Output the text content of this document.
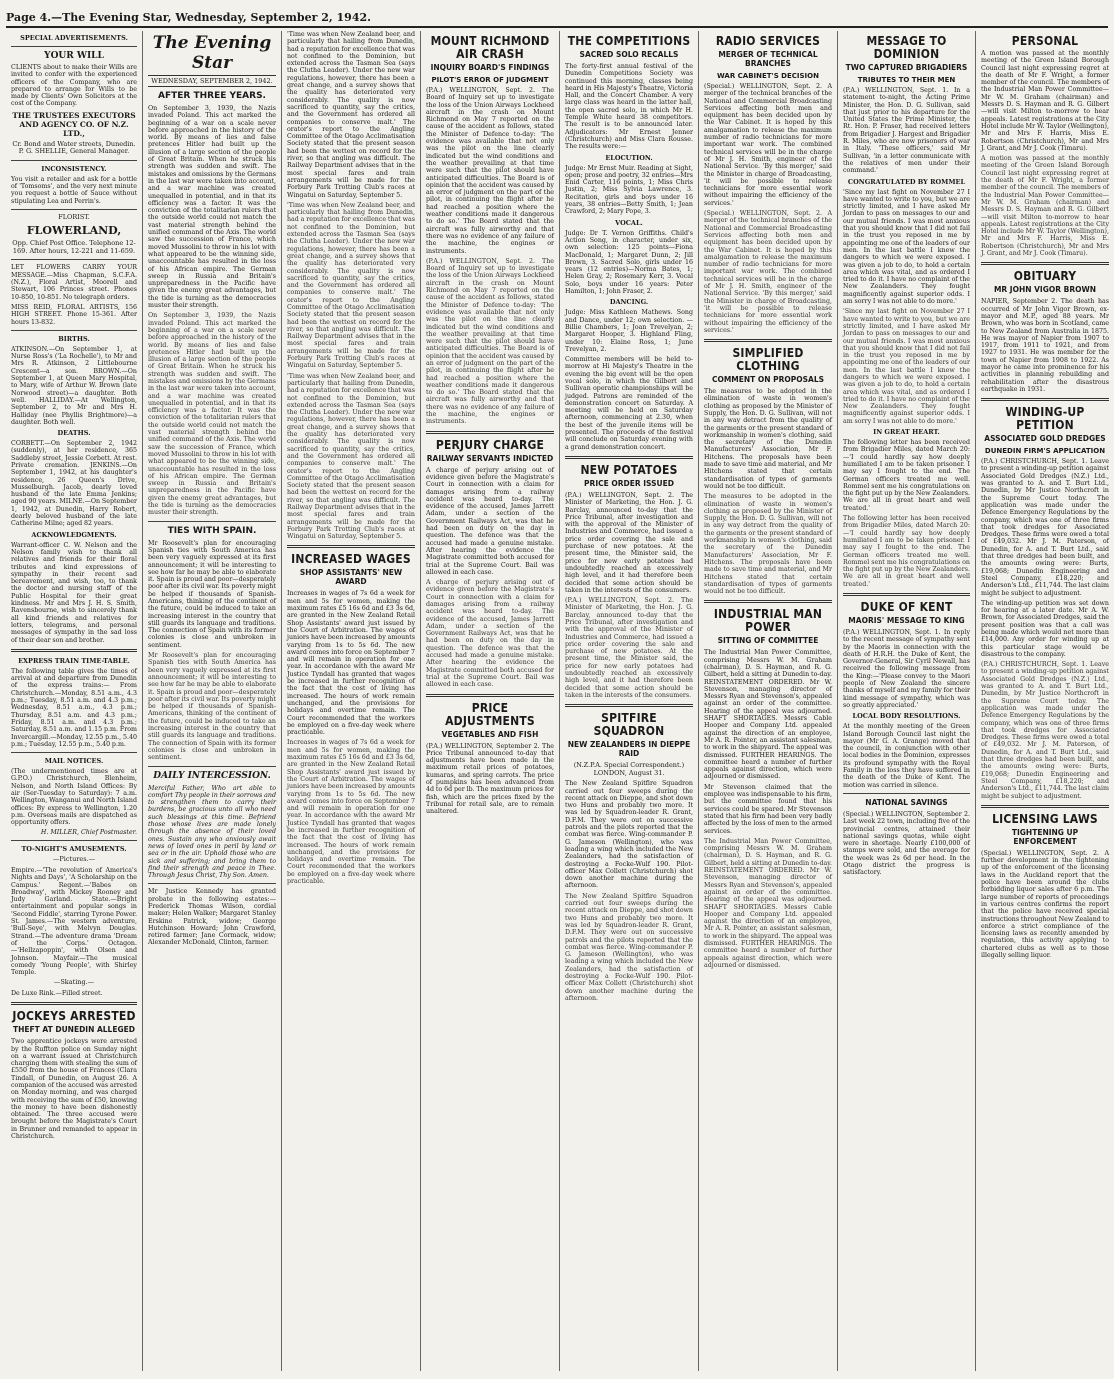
Page 4.—The Evening Star, Wednesday, September 2, 1942.
SPECIAL ADVERTISEMENTS.
YOUR WILL

CLIENTS about to make their Wills are invited to confer with the experienced officers of the Company, who are prepared to arrange for Wills to be made by Clients' Own Solicitors at the cost of the Company.

THE TRUSTEES EXECUTORS AND AGENCY CO. OF N.Z. LTD.,
Cr. Bond and Water streets, Dunedin. P. G. SHELLIE, General Manager.
INCONSISTENCY.

You visit a retailer and ask for a bottle of 'Tomsoms', and the very next minute you request a bottle of Sauce without stipulating Lea and Perrin's.

FLORIST.
FLOWERLAND,
Opp. Chief Post Office. Telephone 12-169. After hours, 12-221 and 11-659.

LET FLOWERS CARRY YOUR MESSAGE.—Miss Chapman, S.C.F.A. (N.Z.), Floral Artist, Moorell and Stewart, 106 Princes street. Phones 10-850, 10-851. No telegraph orders.

MISS REID, FLORAL ARTISTS, 156 HIGH STREET. Phone 15-361. After hours 13-832.

BIRTHS.

ATKINSON.—On September 1, at Nurse Ross's ('La Rochelle'), to Mr and Mrs R. Atkinson, 2 Littlebourne Crescent—a son. BROWN.—On September 1, at Queen Mary Hospital, to Mary, wife of Arthur W. Brown (late Norwood street)—a daughter. Both well. HALLIDAY.—At Wellington, September 2, to Mr and Mrs H. Halliday (nee Phyllis Brightmore)—a daughter. Both well.

DEATHS.

CORBETT.—On September 2, 1942 (suddenly), at her residence, 365 Saddleby street, Jessie Corbett. At rest. Private cremation. JENKINS.—On September 1, 1942, at his daughter's residence, 26 Queen's Drive, Musselburgh. Jacob, dearly loved husband of the late Emma Jenkins; aged 90 years. MILNE.—On September 1, 1942, at Dunedin, Harry Robert, dearly beloved husband of the late Catherine Milne; aged 82 years.

ACKNOWLEDGMENTS.

Warrant-officer C. W. Nelson and the Nelson family wish to thank all relatives and friends for their floral tributes and kind expressions of sympathy in their recent sad bereavement, and wish, too, to thank the doctor and nursing staff of the Public Hospital for their great kindness. Mr and Mrs J. H. S. Smith, Ravensbourne, wish to sincerely thank all kind friends and relatives for letters, telegrams, and personal messages of sympathy in the sad loss of their dear son and brother.

EXPRESS TRAIN TIME-TABLE.

The following table gives the times of arrival at and departure from Dunedin of the express trains:— From Christchurch.—Monday, 8.51 a.m., 4.3 p.m.; Tuesday, 8.51 a.m. and 4.3 p.m.; Wednesday, 8.51 a.m., 4.3 p.m.; Thursday, 8.51 a.m. and 4.3 p.m.; Friday, 8.51 a.m. and 4.3 p.m.; Saturday, 8.51 a.m. and 1.15 p.m. From Invercargill.—Monday, 12.55 p.m., 5.40 p.m.; Tuesday, 12.55 p.m., 5.40 p.m.

MAIL NOTICES.

(The undermentioned times are at G.P.O.) Christchurch, Blenheim, Nelson, and North Island Offices: By air (Ser-Tuesday to Saturday): 7 a.m. Wellington, Wanganui and North Island offices: By express to Wellington, 1.20 p.m. Overseas mails are dispatched as opportunity offers.

H. MILLER, Chief Postmaster.
TO-NIGHT'S AMUSEMENTS.
—Pictures.—

Empire.—'The revolution of America's Nights and Days', 'A Scholarship on the Campus.' Regent.—'Babes on Broadway', with Mickey Rooney and Judy Garland. State.—Bright entertainment and popular songs in 'Second Fiddle', starring Tyrone Power. St. James.—The western adventure, 'Bull-Seye', with Melvyn Douglas. Strand.—The adventure drama 'Dream of the Corps.' Octagon.—'Hellzapoppin', with Olsen and Johnson. Mayfair.—The musical comedy 'Young People', with Shirley Temple.

—Skating.—

De Luxe Rink.—Filled street.

JOCKEYS ARRESTED
THEFT AT DUNEDIN ALLEGED

Two apprentice jockeys were arrested by the Ruffton police on Sunday night on a warrant issued at Christchurch charging them with stealing the sum of £550 from the house of Frances (Clara Tindall, of Dunedin, on August 26. A companion of the accused was arrested on Monday morning, and was charged with receiving the sum of £50, knowing the money to have been dishonestly obtained. The three accused were brought before the Magistrate's Court in Brunner and remanded to appear in Christchurch.

The Evening Star
WEDNESDAY, SEPTEMBER 2, 1942.
AFTER THREE YEARS.

On September 3, 1939, the Nazis invaded Poland. This act marked the beginning of a war on a scale never before approached in the history of the world. By means of lies and false pretences Hitler had built up the illusion of a large section of the people of Great Britain. When he struck his strength was sudden and swift. The mistakes and omissions by the Germans in the last war were taken into account, and a war machine was created unequalled in potential, and in that its efficiency was a factor. It was the conviction of the totalitarian rulers that the outside world could not match the vast material strength behind the unified command of the Axis. The world saw the succession of France, which moved Mussolini to throw in his lot with what appeared to be the winning side, unaccountable has resulted in the loss of his African empire. The German sweep in Russia and Britain's unpreparedness in the Pacific have given the enemy great advantages, but the tide is turning as the democracies muster their strength.

On September 3, 1939, the Nazis invaded Poland. This act marked the beginning of a war on a scale never before approached in the history of the world. By means of lies and false pretences Hitler had built up the illusion of a large section of the people of Great Britain. When he struck his strength was sudden and swift. The mistakes and omissions by the Germans in the last war were taken into account, and a war machine was created unequalled in potential, and in that its efficiency was a factor. It was the conviction of the totalitarian rulers that the outside world could not match the vast material strength behind the unified command of the Axis. The world saw the succession of France, which moved Mussolini to throw in his lot with what appeared to be the winning side, unaccountable has resulted in the loss of his African empire. The German sweep in Russia and Britain's unpreparedness in the Pacific have given the enemy great advantages, but the tide is turning as the democracies muster their strength.

TIES WITH SPAIN.

Mr Roosevelt's plan for encouraging Spanish ties with South America has been very vaguely expressed at its first announcement; it will be interesting to see how far he may be able to elaborate it. Spain is proud and poor—desperately poor after its civil war. Its poverty might be helped if thousands of Spanish-Americans, thinking of the continent of the future, could be induced to take an increasing interest in the country that still guards its language and traditions. The connection of Spain with its former colonies is close and unbroken in sentiment.

Mr Roosevelt's plan for encouraging Spanish ties with South America has been very vaguely expressed at its first announcement; it will be interesting to see how far he may be able to elaborate it. Spain is proud and poor—desperately poor after its civil war. Its poverty might be helped if thousands of Spanish-Americans, thinking of the continent of the future, could be induced to take an increasing interest in the country that still guards its language and traditions. The connection of Spain with its former colonies is close and unbroken in sentiment.

DAILY INTERCESSION.

Merciful Father, Who art able to comfort Thy people in their sorrows and to strengthen them to carry their burdens, be gracious unto all who need such blessings at this time. Befriend those whose lives are made lonely through the absence of their loved ones. Sustain any who anxiously await news of loved ones in peril by land or sea or in the air. Uphold those who are sick and suffering; and bring them to find their strength and peace in Thee. Through Jesus Christ, Thy Son. Amen.

Mr Justice Kennedy has granted probate in the following estates:—Frederick Thomas Wilson, cordial maker; Helen Walker; Margaret Stanley Erskine Patrick, widow; George Hutchinson Howard; John Crawford, retired farmer; Jane Cormack, widow; Alexander McDonald, Clinton, farmer.

'Time was when New Zealand beer, and particularly that hailing from Dunedin, had a reputation for excellence that was not confined to the Dominion, but extended across the Tasman Sea (says the Clutha Leader). Under the new war regulations, however, there has been a great change, and a survey shows that the quality has deteriorated very considerably. The quality is now sacrificed to quantity, say the critics, and the Government has ordered all companies to conserve malt.' The orator's report to the Angling Committee of the Otago Acclimatisation Society stated that the present season had been the wettest on record for the river, so that angling was difficult. The Railway Department advises that in the most special fares and train arrangements will be made for the Forbury Park Trotting Club's races at Wingatui on Saturday, September 5.

'Time was when New Zealand beer, and particularly that hailing from Dunedin, had a reputation for excellence that was not confined to the Dominion, but extended across the Tasman Sea (says the Clutha Leader). Under the new war regulations, however, there has been a great change, and a survey shows that the quality has deteriorated very considerably. The quality is now sacrificed to quantity, say the critics, and the Government has ordered all companies to conserve malt.' The orator's report to the Angling Committee of the Otago Acclimatisation Society stated that the present season had been the wettest on record for the river, so that angling was difficult. The Railway Department advises that in the most special fares and train arrangements will be made for the Forbury Park Trotting Club's races at Wingatui on Saturday, September 5.

'Time was when New Zealand beer, and particularly that hailing from Dunedin, had a reputation for excellence that was not confined to the Dominion, but extended across the Tasman Sea (says the Clutha Leader). Under the new war regulations, however, there has been a great change, and a survey shows that the quality has deteriorated very considerably. The quality is now sacrificed to quantity, say the critics, and the Government has ordered all companies to conserve malt.' The orator's report to the Angling Committee of the Otago Acclimatisation Society stated that the present season had been the wettest on record for the river, so that angling was difficult. The Railway Department advises that in the most special fares and train arrangements will be made for the Forbury Park Trotting Club's races at Wingatui on Saturday, September 5.

INCREASED WAGES
SHOP ASSISTANTS' NEW AWARD

Increases in wages of 7s 6d a week for men and 5s for women, making the maximum rates £5 16s 6d and £3 3s 6d, are granted in the New Zealand Retail Shop Assistants' award just issued by the Court of Arbitration. The wages of juniors have been increased by amounts varying from 1s to 5s 6d. The new award comes into force on September 7 and will remain in operation for one year. In accordance with the award Mr Justice Tyndall has granted that wages be increased in further recognition of the fact that the cost of living has increased. The hours of work remain unchanged, and the provisions for holidays and overtime remain. The Court recommended that the workers be employed on a five-day week where practicable.

Increases in wages of 7s 6d a week for men and 5s for women, making the maximum rates £5 16s 6d and £3 3s 6d, are granted in the New Zealand Retail Shop Assistants' award just issued by the Court of Arbitration. The wages of juniors have been increased by amounts varying from 1s to 5s 6d. The new award comes into force on September 7 and will remain in operation for one year. In accordance with the award Mr Justice Tyndall has granted that wages be increased in further recognition of the fact that the cost of living has increased. The hours of work remain unchanged, and the provisions for holidays and overtime remain. The Court recommended that the workers be employed on a five-day week where practicable.

MOUNT RICHMOND AIR CRASH
INQUIRY BOARD'S FINDINGS
PILOT'S ERROR OF JUDGMENT

(P.A.) WELLINGTON, Sept. 2. The Board of Inquiry set up to investigate the loss of the Union Airways Lockheed aircraft in the crash on Mount Richmond on May 7 reported on the cause of the accident as follows, stated the Minister of Defence to-day: 'The evidence was available that not only was the pilot on the line clearly indicated but the wind conditions and the weather prevailing at that time were such that the pilot should have anticipated difficulties. The Board is of opinion that the accident was caused by an error of judgment on the part of the pilot, in continuing the flight after he had reached a position where the weather conditions made it dangerous to do so.' The Board stated that the aircraft was fully airworthy and that there was no evidence of any failure of the machine, the engines or instruments.

(P.A.) WELLINGTON, Sept. 2. The Board of Inquiry set up to investigate the loss of the Union Airways Lockheed aircraft in the crash on Mount Richmond on May 7 reported on the cause of the accident as follows, stated the Minister of Defence to-day: 'The evidence was available that not only was the pilot on the line clearly indicated but the wind conditions and the weather prevailing at that time were such that the pilot should have anticipated difficulties. The Board is of opinion that the accident was caused by an error of judgment on the part of the pilot, in continuing the flight after he had reached a position where the weather conditions made it dangerous to do so.' The Board stated that the aircraft was fully airworthy and that there was no evidence of any failure of the machine, the engines or instruments.

PERJURY CHARGE
RAILWAY SERVANTS INDICTED

A charge of perjury arising out of evidence given before the Magistrate's Court in connection with a claim for damages arising from a railway accident was heard to-day. The evidence of the accused, James Jarrett Adam, under a section of the Government Railways Act, was that he had been on duty on the day in question. The defence was that the accused had made a genuine mistake. After hearing the evidence the Magistrate committed both accused for trial at the Supreme Court. Bail was allowed in each case.

A charge of perjury arising out of evidence given before the Magistrate's Court in connection with a claim for damages arising from a railway accident was heard to-day. The evidence of the accused, James Jarrett Adam, under a section of the Government Railways Act, was that he had been on duty on the day in question. The defence was that the accused had made a genuine mistake. After hearing the evidence the Magistrate committed both accused for trial at the Supreme Court. Bail was allowed in each case.

PRICE ADJUSTMENTS
VEGETABLES AND FISH

(P.A.) WELLINGTON, September 2. The Price Tribunal announced to-day that adjustments have been made in the maximum retail prices of potatoes, kumaras, and spring carrots. The price of pumpkins has been advanced from 4d to 6d per lb. The maximum prices for fish, which are the prices fixed by the Tribunal for retail sale, are to remain unaltered.

THE COMPETITIONS
SACRED SOLO RECALLS

The forty-first annual festival of the Dunedin Competitions Society was continued this morning, classes being heard in His Majesty's Theatre, Victoria Hall, and the Concert Chamber. A very large class was heard in the latter hall, the open sacred solo, in which Mr H. Temple White heard 38 competitors. The result is to be announced later. Adjudicators: Mr Ernest Jenner (Christchurch) and Miss Clara Rousse. The results were:—

ELOCUTION.

Judge: Mr Ernst Muir. Reading at Sight, open; prose and poetry, 32 entries—Mrs Enid Carter, 116 points, 1; Miss Chris Justin, 2; Miss Sylvia Lawrence, 3. Recitation, girls and boys under 16 years, 38 entries—Betty Smith, 1; Jean Crawford, 2; Mary Pope, 3.

VOCAL.

Judge: Dr T. Vernon Griffiths. Child's Action Song, in character, under six, own selection: 125 points—Fiona MacDonald, 1; Margaret Dunn, 2; Jill Brown, 3. Sacred Solo, girls under 16 years (12 entries)—Norma Bates, 1; Helen Gray, 2; Rosemary Kerr, 3. Vocal Solo, boys under 16 years: Peter Hamilton, 1; John Fraser, 2.

DANCING.

Judge: Miss Kathleen Mathews. Song and Dance, under 12; own selection. —Billie Chambers, 1; Joan Trevelyan, 2; Margaret Hooper, 3. Highland Fling, under 10: Elaine Ross, 1; June Trevelyan, 2.

Committee members will be held to-morrow at Hi Majesty's Theatre in the evening the big event will be the open vocal solo, in which the Gilbert and Sullivan operatic championships will be judged. Patrons are reminded of the demonstration concert on Saturday. A meeting will be held on Saturday afternoon, commencing at 2.30, when the best of the juvenile items will be presented. The proceeds of the festival will conclude on Saturday evening with a grand demonstration concert.

NEW POTATOES
PRICE ORDER ISSUED

(P.A.) WELLINGTON, Sept. 2. The Minister of Marketing, the Hon. J. G. Barclay, announced to-day that the Price Tribunal, after investigation and with the approval of the Minister of Industries and Commerce, had issued a price order covering the sale and purchase of new potatoes. At the present time, the Minister said, the price for new early potatoes had undoubtedly reached an excessively high level, and it had therefore been decided that some action should be taken in the interests of the consumers.

(P.A.) WELLINGTON, Sept. 2. The Minister of Marketing, the Hon. J. G. Barclay, announced to-day that the Price Tribunal, after investigation and with the approval of the Minister of Industries and Commerce, had issued a price order covering the sale and purchase of new potatoes. At the present time, the Minister said, the price for new early potatoes had undoubtedly reached an excessively high level, and it had therefore been decided that some action should be taken in the interests of the consumers.

SPITFIRE SQUADRON
NEW ZEALANDERS IN DIEPPE RAID
(N.Z.P.A. Special Correspondent.) LONDON, August 31.

The New Zealand Spitfire Squadron carried out four sweeps during the recent attack on Dieppe, and shot down two Huns and probably two more. It was led by Squadron-leader R. Grant, D.F.M. They were out on successive patrols and the pilots reported that the combat was fierce. Wing-commander P. G. Jameson (Wellington), who was leading a wing which included the New Zealanders, had the satisfaction of destroying a Focke-Wulf 190. Pilot-officer Max Collett (Christchurch) shot down another machine during the afternoon.

The New Zealand Spitfire Squadron carried out four sweeps during the recent attack on Dieppe, and shot down two Huns and probably two more. It was led by Squadron-leader R. Grant, D.F.M. They were out on successive patrols and the pilots reported that the combat was fierce. Wing-commander P. G. Jameson (Wellington), who was leading a wing which included the New Zealanders, had the satisfaction of destroying a Focke-Wulf 190. Pilot-officer Max Collett (Christchurch) shot down another machine during the afternoon.

RADIO SERVICES
MERGER OF TECHNICAL BRANCHES
WAR CABINET'S DECISION

(Special.) WELLINGTON, Sept. 2. A merger of the technical branches of the National and Commercial Broadcasting Services affecting both men and equipment has been decided upon by the War Cabinet. It is hoped by this amalgamation to release the maximum number of radio technicians for more important war work. The combined technical services will be in the charge of Mr J. H. Smith, engineer of the National Service. 'By this merger,' said the Minister in charge of Broadcasting, 'it will be possible to release technicians for more essential work without impairing the efficiency of the services.'

(Special.) WELLINGTON, Sept. 2. A merger of the technical branches of the National and Commercial Broadcasting Services affecting both men and equipment has been decided upon by the War Cabinet. It is hoped by this amalgamation to release the maximum number of radio technicians for more important war work. The combined technical services will be in the charge of Mr J. H. Smith, engineer of the National Service. 'By this merger,' said the Minister in charge of Broadcasting, 'it will be possible to release technicians for more essential work without impairing the efficiency of the services.'

SIMPLIFIED CLOTHING
COMMENT ON PROPOSALS

The measures to be adopted in the elimination of waste in women's clothing as proposed by the Minister of Supply, the Hon. D. G. Sullivan, will not in any way detract from the quality of the garments or the present standard of workmanship in women's clothing, said the secretary of the Dunedin Manufacturers' Association, Mr F. Hitchens. The proposals have been made to save time and material, and Mr Hitchens stated that certain standardisation of types of garments would not be too difficult.

The measures to be adopted in the elimination of waste in women's clothing as proposed by the Minister of Supply, the Hon. D. G. Sullivan, will not in any way detract from the quality of the garments or the present standard of workmanship in women's clothing, said the secretary of the Dunedin Manufacturers' Association, Mr F. Hitchens. The proposals have been made to save time and material, and Mr Hitchens stated that certain standardisation of types of garments would not be too difficult.

INDUSTRIAL MAN POWER
SITTING OF COMMITTEE

The Industrial Man Power Committee, comprising Messrs W. M. Graham (chairman), D. S. Hayman, and R. G. Gilbert, held a sitting at Dunedin to-day. REINSTATEMENT ORDERED. Mr W. Stevenson, managing director of Messrs Ryan and Stevenson's, appealed against an order of the committee. Hearing of the appeal was adjourned. SHAFT SHORTAGES. Messrs Cable Hooper and Company Ltd. appealed against the direction of an employee, Mr A. R. Pointer, an assistant salesman, to work in the shipyard. The appeal was dismissed. FURTHER HEARINGS. The committee heard a number of further appeals against direction, which were adjourned or dismissed.

Mr Stevenson claimed that the employee was indispensable to his firm, but the committee found that his services could be spared. Mr Stevenson stated that his firm had been very badly affected by the loss of men to the armed services.

The Industrial Man Power Committee, comprising Messrs W. M. Graham (chairman), D. S. Hayman, and R. G. Gilbert, held a sitting at Dunedin to-day. REINSTATEMENT ORDERED. Mr W. Stevenson, managing director of Messrs Ryan and Stevenson's, appealed against an order of the committee. Hearing of the appeal was adjourned. SHAFT SHORTAGES. Messrs Cable Hooper and Company Ltd. appealed against the direction of an employee, Mr A. R. Pointer, an assistant salesman, to work in the shipyard. The appeal was dismissed. FURTHER HEARINGS. The committee heard a number of further appeals against direction, which were adjourned or dismissed.

MESSAGE TO DOMINION
TWO CAPTURED BRIGADIERS
TRIBUTES TO THEIR MEN

(P.A.) WELLINGTON, Sept. 1. In a statement to-night, the Acting Prime Minister, the Hon. D. G. Sullivan, said that just prior to his departure for the United States the Prime Minister, the Rt. Hon. P. Fraser, had received letters from Brigadier J. Hargest and Brigadier R. Miles, who are now prisoners of war in Italy. 'These officers,' said Mr Sullivan, 'in a letter communicate with the relatives of men under their command.'

CONGRATULATED BY ROMMEL

'Since my last fight on November 27 I have wanted to write to you, but we are strictly limited, and I have asked Mr Jordan to pass on messages to our and our mutual friends. I was most anxious that you should know that I did not fail in the trust you reposed in me by appointing me one of the leaders of our men. In the last battle I knew the dangers to which we were exposed. I was given a job to do, to hold a certain area which was vital, and as ordered I tried to do it. I have no complaint of the New Zealanders. They fought magnificently against superior odds. I am sorry I was not able to do more.'

'Since my last fight on November 27 I have wanted to write to you, but we are strictly limited, and I have asked Mr Jordan to pass on messages to our and our mutual friends. I was most anxious that you should know that I did not fail in the trust you reposed in me by appointing me one of the leaders of our men. In the last battle I knew the dangers to which we were exposed. I was given a job to do, to hold a certain area which was vital, and as ordered I tried to do it. I have no complaint of the New Zealanders. They fought magnificently against superior odds. I am sorry I was not able to do more.'

IN GREAT HEART.

The following letter has been received from Brigadier Miles, dated March 20:—'I could hardly say how deeply humiliated I am to be taken prisoner. I may say I fought to the end. The German officers treated me well. Rommel sent me his congratulations on the fight put up by the New Zealanders. We are all in great heart and well treated.'

The following letter has been received from Brigadier Miles, dated March 20:—'I could hardly say how deeply humiliated I am to be taken prisoner. I may say I fought to the end. The German officers treated me well. Rommel sent me his congratulations on the fight put up by the New Zealanders. We are all in great heart and well treated.'

DUKE OF KENT
MAORIS' MESSAGE TO KING

(P.A.) WELLINGTON, Sept. 1. In reply to the recent message of sympathy sent by the Maoris in connection with the death of H.R.H. the Duke of Kent, the Governor-General, Sir Cyril Newall, has received the following message from the King:—'Please convey to the Maori people of New Zealand the sincere thanks of myself and my family for their kind message of sympathy, which was so greatly appreciated.'

LOCAL BODY RESOLUTIONS.

At the monthly meeting of the Green Island Borough Council last night the mayor (Mr G. A. Grange) moved that the council, in conjunction with other local bodies in the Dominion, expresses its profound sympathy with the Royal Family in the loss they have suffered in the death of the Duke of Kent. The motion was carried in silence.

NATIONAL SAVINGS

(Special.) WELLINGTON, September 2. Last week 22 town, including five of the provincial centres, attained their national savings quotas, while eight were in shortage. Nearly £100,000 of stamps were sold, and the average for the week was 2s 6d per head. In the Otago district the progress is satisfactory.

PERSONAL

A motion was passed at the monthly meeting of the Green Island Borough Council last night expressing regret at the death of Mr F. Wright, a former member of the council. The members of the Industrial Man Power Committee—Mr W. M. Graham (chairman) and Messrs D. S. Hayman and R. G. Gilbert—will visit Milton to-morrow to hear appeals. Latest registrations at the City Hotel include Mr W. Taylor (Wellington), Mr and Mrs F. Harris, Miss E. Robertson (Christchurch), Mr and Mrs J. Grant, and Mr J. Cook (Timaru).

A motion was passed at the monthly meeting of the Green Island Borough Council last night expressing regret at the death of Mr F. Wright, a former member of the council. The members of the Industrial Man Power Committee—Mr W. M. Graham (chairman) and Messrs D. S. Hayman and R. G. Gilbert—will visit Milton to-morrow to hear appeals. Latest registrations at the City Hotel include Mr W. Taylor (Wellington), Mr and Mrs F. Harris, Miss E. Robertson (Christchurch), Mr and Mrs J. Grant, and Mr J. Cook (Timaru).

OBITUARY
MR JOHN VIGOR BROWN

NAPIER, September 2. The death has occurred of Mr John Vigor Brown, ex-mayor and M.P., aged 88 years. Mr Brown, who was born in Scotland, came to New Zealand from Australia in 1875. He was mayor of Napier from 1907 to 1917, from 1911 to 1921, and from 1927 to 1931. He was member for the town of Napier from 1908 to 1922. As mayor he came into prominence for his activities in planning rebuilding and rehabilitation after the disastrous earthquake in 1931.

WINDING-UP PETITION
ASSOCIATED GOLD DREDGES
DUNEDIN FIRM'S APPLICATION

(P.A.) CHRISTCHURCH, Sept. 1. Leave to present a winding-up petition against Associated Gold Dredges (N.Z.) Ltd., was granted to A. and T. Burt Ltd., Dunedin, by Mr Justice Northcroft in the Supreme Court today. The application was made under the Defence Emergency Regulations by the company, which was one of three firms that took dredges for Associated Dredges. These firms were owed a total of £49,032. Mr J. M. Paterson, of Dunedin, for A. and T. Burt Ltd., said that three dredges had been built, and the amounts owing were: Burts, £19,068; Dunedin Engineering and Steel Company, £18,220; and Anderson's Ltd., £11,744. The last claim might be subject to adjustment.

The winding-up petition was set down for hearing at a later date. Mr A. W. Brown, for Associated Dredges, said the present position was that a call was being made which would net more than £14,000. Any order for winding up at this particular stage would be disastrous to the company.

(P.A.) CHRISTCHURCH, Sept. 1. Leave to present a winding-up petition against Associated Gold Dredges (N.Z.) Ltd., was granted to A. and T. Burt Ltd., Dunedin, by Mr Justice Northcroft in the Supreme Court today. The application was made under the Defence Emergency Regulations by the company, which was one of three firms that took dredges for Associated Dredges. These firms were owed a total of £49,032. Mr J. M. Paterson, of Dunedin, for A. and T. Burt Ltd., said that three dredges had been built, and the amounts owing were: Burts, £19,068; Dunedin Engineering and Steel Company, £18,220; and Anderson's Ltd., £11,744. The last claim might be subject to adjustment.

LICENSING LAWS
TIGHTENING UP ENFORCEMENT

(Special.) WELLINGTON, Sept. 2. A further development in the tightening up of the enforcement of the licensing laws in the Auckland report that the police have been around the clubs forbidding liquor sales after 6 p.m. The large number of reports of proceedings in various centres confirms the report that the police have received special instructions throughout New Zealand to enforce a strict compliance of the licensing laws as recently amended by regulation, this activity applying to chartered clubs as well as to those illegally selling liquor.
